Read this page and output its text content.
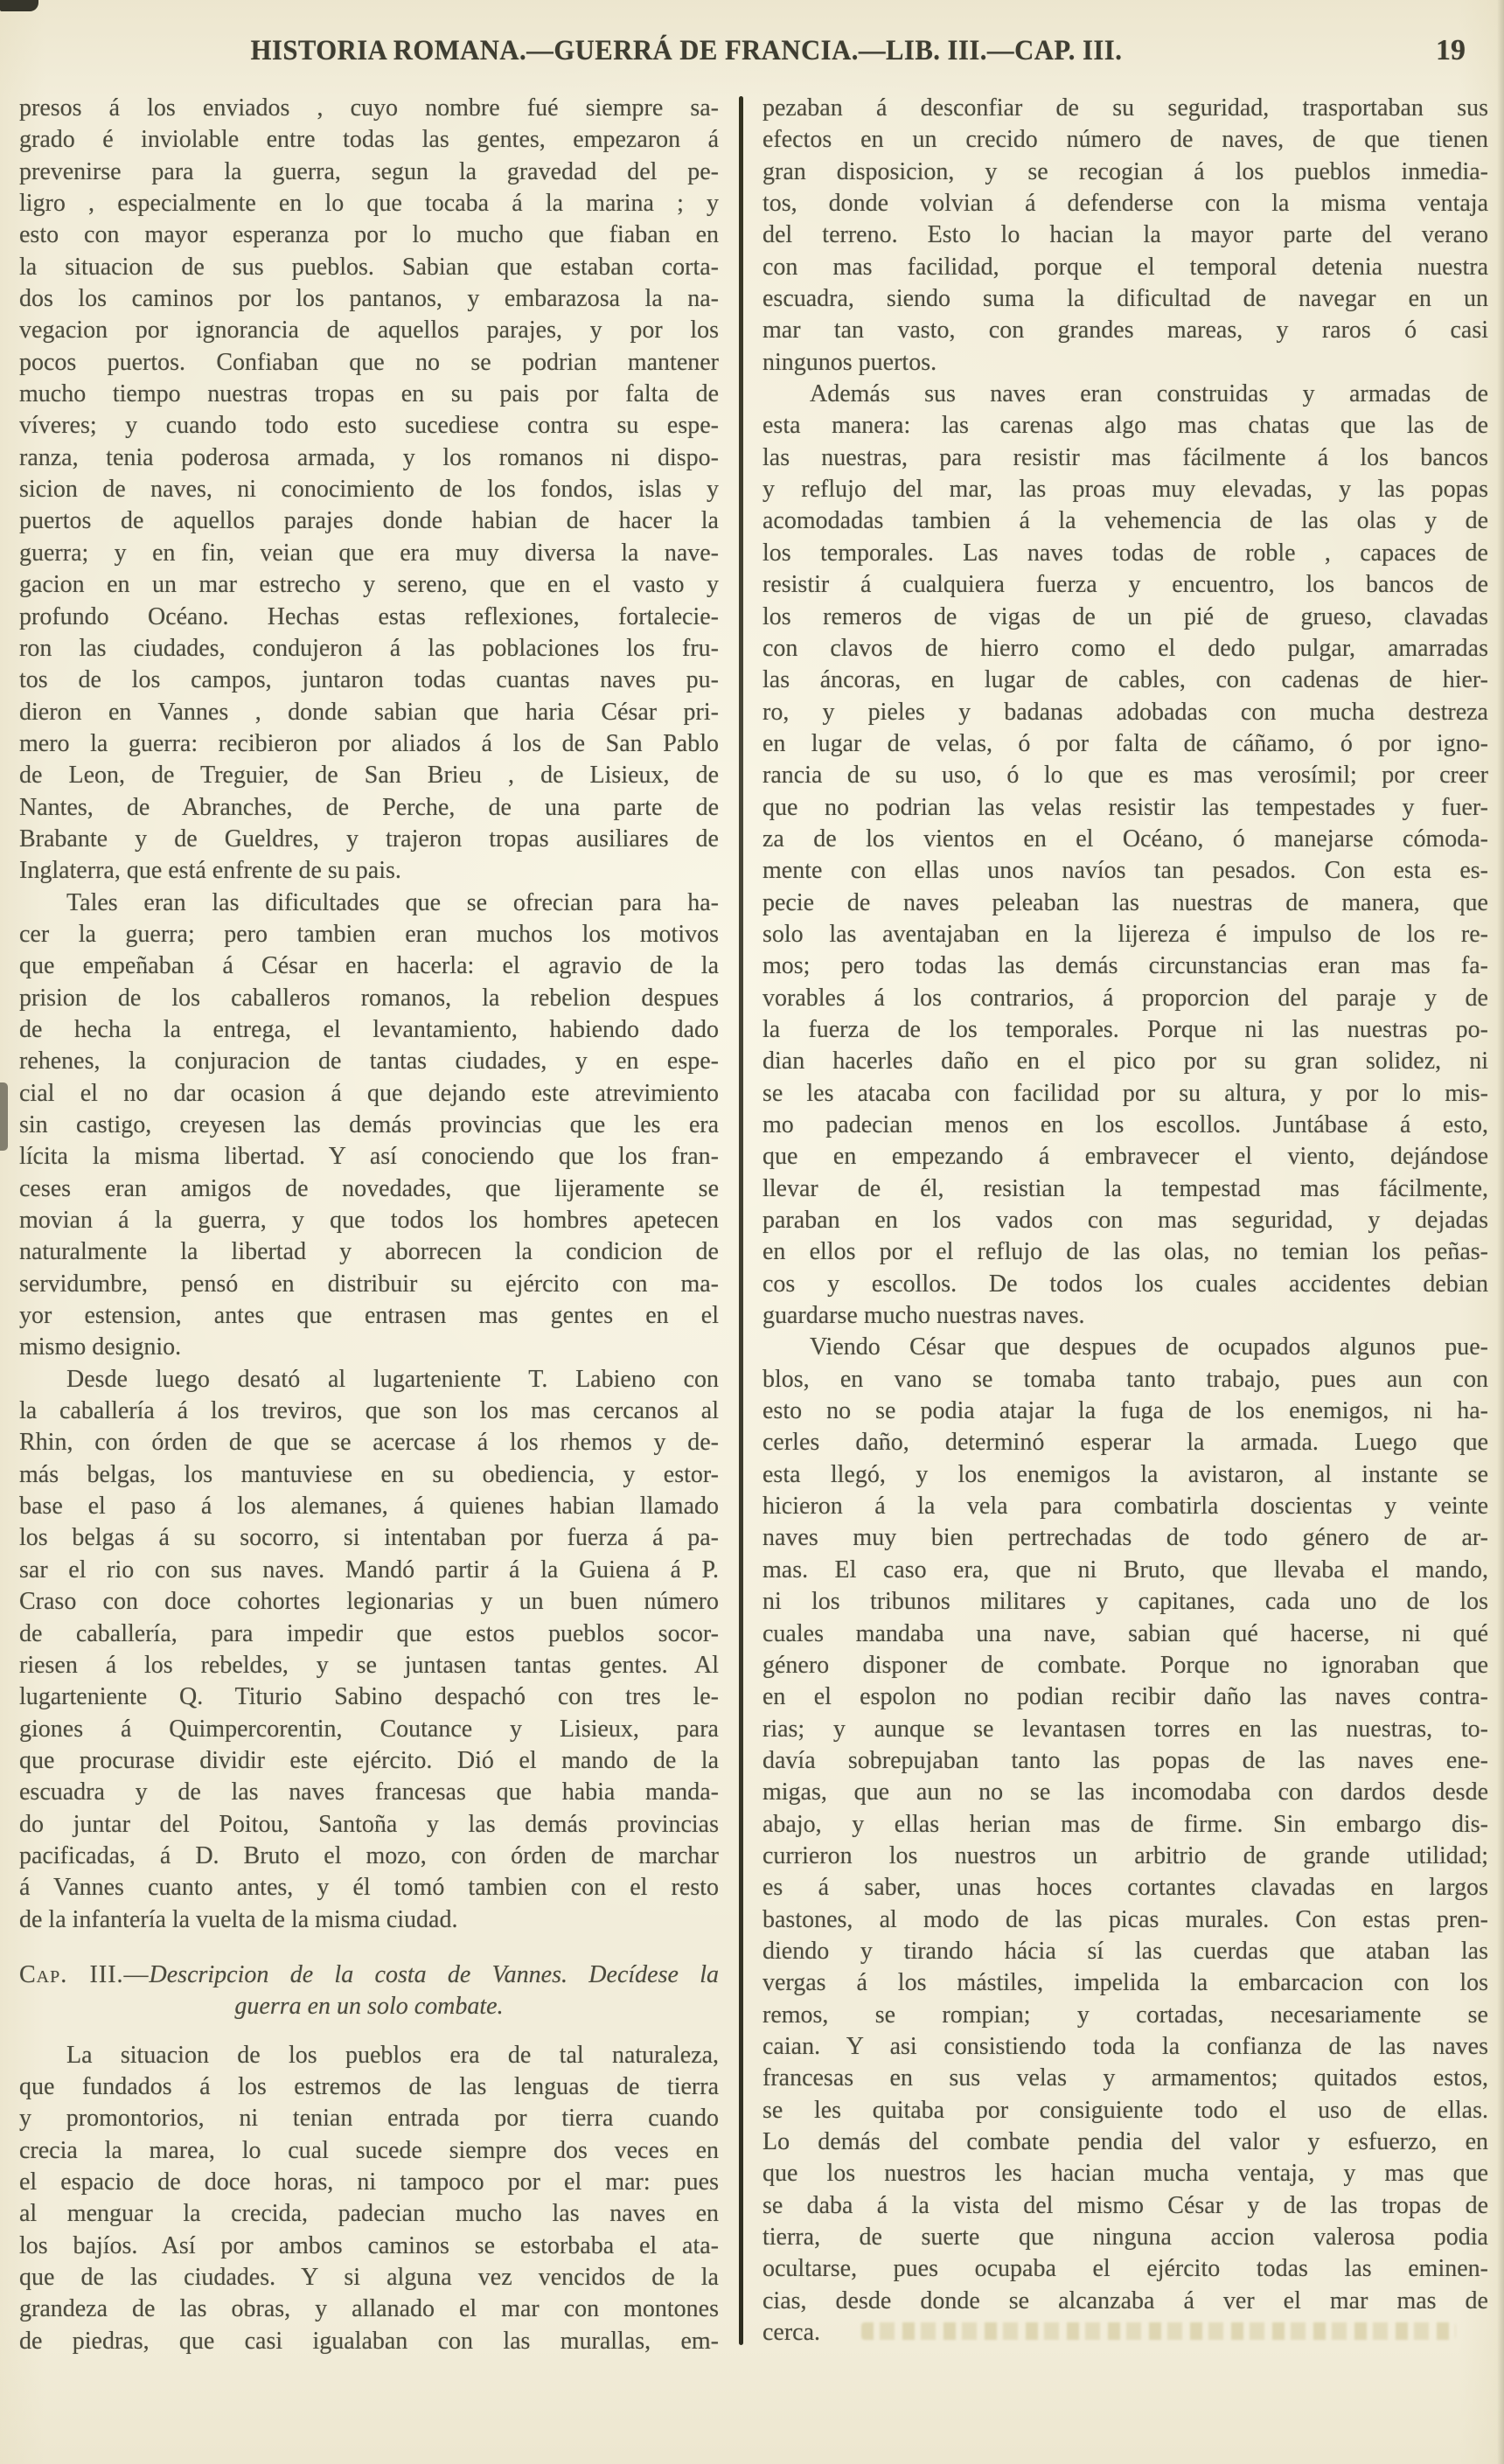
HISTORIA ROMANA.—GUERRÁ DE FRANCIA.—LIB. III.—CAP. III.	19
presos á los enviados , cuyo nombre fué siempre sa-
grado é inviolable entre todas las gentes, empezaron á
prevenirse para la guerra, segun la gravedad del pe-
ligro , especialmente en lo que tocaba á la marina ; y
esto con mayor esperanza por lo mucho que fiaban en
la situacion de sus pueblos. Sabian que estaban corta-
dos los caminos por los pantanos, y embarazosa la na-
vegacion por ignorancia de aquellos parajes, y por los
pocos puertos. Confiaban que no se podrian mantener
mucho tiempo nuestras tropas en su pais por falta de
víveres; y cuando todo esto sucediese contra su espe-
ranza, tenia poderosa armada, y los romanos ni dispo-
sicion de naves, ni conocimiento de los fondos, islas y
puertos de aquellos parajes donde habian de hacer la
guerra; y en fin, veian que era muy diversa la nave-
gacion en un mar estrecho y sereno, que en el vasto y
profundo Océano. Hechas estas reflexiones, fortalecie-
ron las ciudades, condujeron á las poblaciones los fru-
tos de los campos, juntaron todas cuantas naves pu-
dieron en Vannes , donde sabian que haria César pri-
mero la guerra: recibieron por aliados á los de San Pablo
de Leon, de Treguier, de San Brieu , de Lisieux, de
Nantes, de Abranches, de Perche, de una parte de
Brabante y de Gueldres, y trajeron tropas ausiliares de
Inglaterra, que está enfrente de su pais.
Tales eran las dificultades que se ofrecian para ha-
cer la guerra; pero tambien eran muchos los motivos
que empeñaban á César en hacerla: el agravio de la
prision de los caballeros romanos, la rebelion despues
de hecha la entrega, el levantamiento, habiendo dado
rehenes, la conjuracion de tantas ciudades, y en espe-
cial el no dar ocasion á que dejando este atrevimiento
sin castigo, creyesen las demás provincias que les era
lícita la misma libertad. Y así conociendo que los fran-
ceses eran amigos de novedades, que lijeramente se
movian á la guerra, y que todos los hombres apetecen
naturalmente la libertad y aborrecen la condicion de
servidumbre, pensó en distribuir su ejército con ma-
yor estension, antes que entrasen mas gentes en el
mismo designio.
Desde luego desató al lugarteniente T. Labieno con
la caballería á los treviros, que son los mas cercanos al
Rhin, con órden de que se acercase á los rhemos y de-
más belgas, los mantuviese en su obediencia, y estor-
base el paso á los alemanes, á quienes habian llamado
los belgas á su socorro, si intentaban por fuerza á pa-
sar el rio con sus naves. Mandó partir á la Guiena á P.
Craso con doce cohortes legionarias y un buen número
de caballería, para impedir que estos pueblos socor-
riesen á los rebeldes, y se juntasen tantas gentes. Al
lugarteniente Q. Titurio Sabino despachó con tres le-
giones á Quimpercorentin, Coutance y Lisieux, para
que procurase dividir este ejército. Dió el mando de la
escuadra y de las naves francesas que habia manda-
do juntar del Poitou, Santoña y las demás provincias
pacificadas, á D. Bruto el mozo, con órden de marchar
á Vannes cuanto antes, y él tomó tambien con el resto
de la infantería la vuelta de la misma ciudad.
Cap. III.—Descripcion de la costa de Vannes. Decídese la
guerra en un solo combate.
La situacion de los pueblos era de tal naturaleza,
que fundados á los estremos de las lenguas de tierra
y promontorios, ni tenian entrada por tierra cuando
crecia la marea, lo cual sucede siempre dos veces en
el espacio de doce horas, ni tampoco por el mar: pues
al menguar la crecida, padecian mucho las naves en
los bajíos. Así por ambos caminos se estorbaba el ata-
que de las ciudades. Y si alguna vez vencidos de la
grandeza de las obras, y allanado el mar con montones
de piedras, que casi igualaban con las murallas, em-
pezaban á desconfiar de su seguridad, trasportaban sus
efectos en un crecido número de naves, de que tienen
gran disposicion, y se recogian á los pueblos inmedia-
tos, donde volvian á defenderse con la misma ventaja
del terreno. Esto lo hacian la mayor parte del verano
con mas facilidad, porque el temporal detenia nuestra
escuadra, siendo suma la dificultad de navegar en un
mar tan vasto, con grandes mareas, y raros ó casi
ningunos puertos.
Además sus naves eran construidas y armadas de
esta manera: las carenas algo mas chatas que las de
las nuestras, para resistir mas fácilmente á los bancos
y reflujo del mar, las proas muy elevadas, y las popas
acomodadas tambien á la vehemencia de las olas y de
los temporales. Las naves todas de roble , capaces de
resistir á cualquiera fuerza y encuentro, los bancos de
los remeros de vigas de un pié de grueso, clavadas
con clavos de hierro como el dedo pulgar, amarradas
las áncoras, en lugar de cables, con cadenas de hier-
ro, y pieles y badanas adobadas con mucha destreza
en lugar de velas, ó por falta de cáñamo, ó por igno-
rancia de su uso, ó lo que es mas verosímil; por creer
que no podrian las velas resistir las tempestades y fuer-
za de los vientos en el Océano, ó manejarse cómoda-
mente con ellas unos navíos tan pesados. Con esta es-
pecie de naves peleaban las nuestras de manera, que
solo las aventajaban en la lijereza é impulso de los re-
mos; pero todas las demás circunstancias eran mas fa-
vorables á los contrarios, á proporcion del paraje y de
la fuerza de los temporales. Porque ni las nuestras po-
dian hacerles daño en el pico por su gran solidez, ni
se les atacaba con facilidad por su altura, y por lo mis-
mo padecian menos en los escollos. Juntábase á esto,
que en empezando á embravecer el viento, dejándose
llevar de él, resistian la tempestad mas fácilmente,
paraban en los vados con mas seguridad, y dejadas
en ellos por el reflujo de las olas, no temian los peñas-
cos y escollos. De todos los cuales accidentes debian
guardarse mucho nuestras naves.
Viendo César que despues de ocupados algunos pue-
blos, en vano se tomaba tanto trabajo, pues aun con
esto no se podia atajar la fuga de los enemigos, ni ha-
cerles daño, determinó esperar la armada. Luego que
esta llegó, y los enemigos la avistaron, al instante se
hicieron á la vela para combatirla doscientas y veinte
naves muy bien pertrechadas de todo género de ar-
mas. El caso era, que ni Bruto, que llevaba el mando,
ni los tribunos militares y capitanes, cada uno de los
cuales mandaba una nave, sabian qué hacerse, ni qué
género disponer de combate. Porque no ignoraban que
en el espolon no podian recibir daño las naves contra-
rias; y aunque se levantasen torres en las nuestras, to-
davía sobrepujaban tanto las popas de las naves ene-
migas, que aun no se las incomodaba con dardos desde
abajo, y ellas herian mas de firme. Sin embargo dis-
currieron los nuestros un arbitrio de grande utilidad;
es á saber, unas hoces cortantes clavadas en largos
bastones, al modo de las picas murales. Con estas pren-
diendo y tirando hácia sí las cuerdas que ataban las
vergas á los mástiles, impelida la embarcacion con los
remos, se rompian; y cortadas, necesariamente se
caian. Y asi consistiendo toda la confianza de las naves
francesas en sus velas y armamentos; quitados estos,
se les quitaba por consiguiente todo el uso de ellas.
Lo demás del combate pendia del valor y esfuerzo, en
que los nuestros les hacian mucha ventaja, y mas que
se daba á la vista del mismo César y de las tropas de
tierra, de suerte que ninguna accion valerosa podia
ocultarse, pues ocupaba el ejército todas las eminen-
cias, desde donde se alcanzaba á ver el mar mas de
cerca.
